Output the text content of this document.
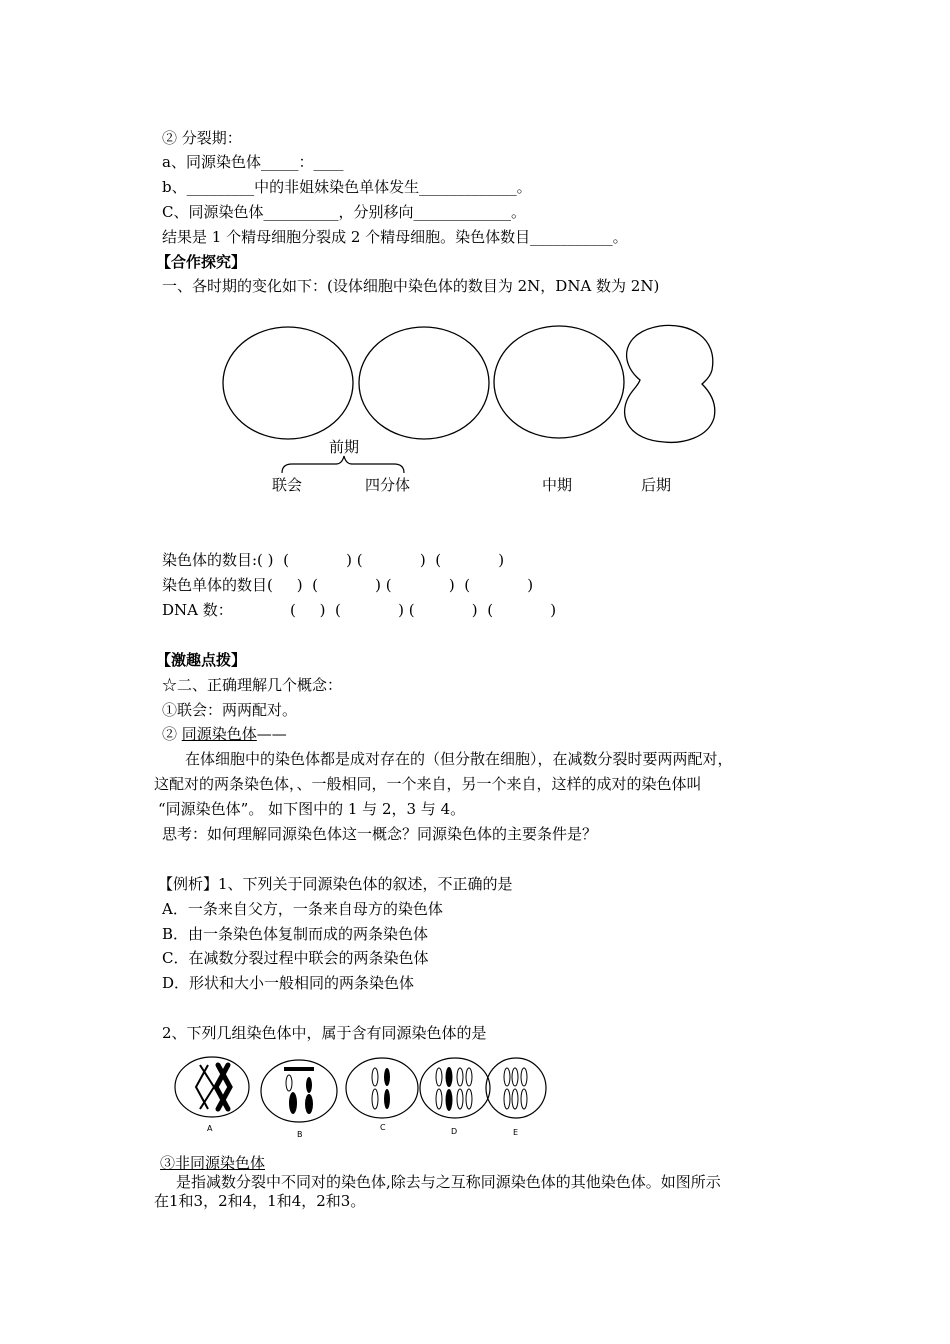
② 分裂期：
a、同源染色体_____：____
b、_________中的非姐妹染色单体发生_____________。
C、同源染色体__________，分别移向_____________。
结果是 1 个精母细胞分裂成 2 个精母细胞。染色体数目___________。
【合作探究】
一、各时期的变化如下：(设体细胞中染色体的数目为 2N，DNA 数为 2N)
前期
联会	四分体	中期	后期
染色体的数目:( )  (            ) (            )  (            )
染色单体的数目(     )  (            ) (            )  (            )
DNA 数：            (     )  (            ) (            )  (            )
【激趣点拨】
☆二、正确理解几个概念：
①联会：两两配对。
② 同源染色体——
在体细胞中的染色体都是成对存在的（但分散在细胞），在减数分裂时要两两配对，
这配对的两条染色体，、一般相同，一个来自，另一个来自，这样的成对的染色体叫
“同源染色体”。 如下图中的 1 与 2，3 与 4。
思考：如何理解同源染色体这一概念？同源染色体的主要条件是？
【例析】1、下列关于同源染色体的叙述，不正确的是
A．一条来自父方，一条来自母方的染色体
B．由一条染色体复制而成的两条染色体
C．在减数分裂过程中联会的两条染色体
D．形状和大小一般相同的两条染色体
2、下列几组染色体中，属于含有同源染色体的是
A
B
C	D	E
③非同源染色体
是指减数分裂中不同对的染色体,除去与之互称同源染色体的其他染色体。如图所示
在1和3，2和4，1和4，2和3。
